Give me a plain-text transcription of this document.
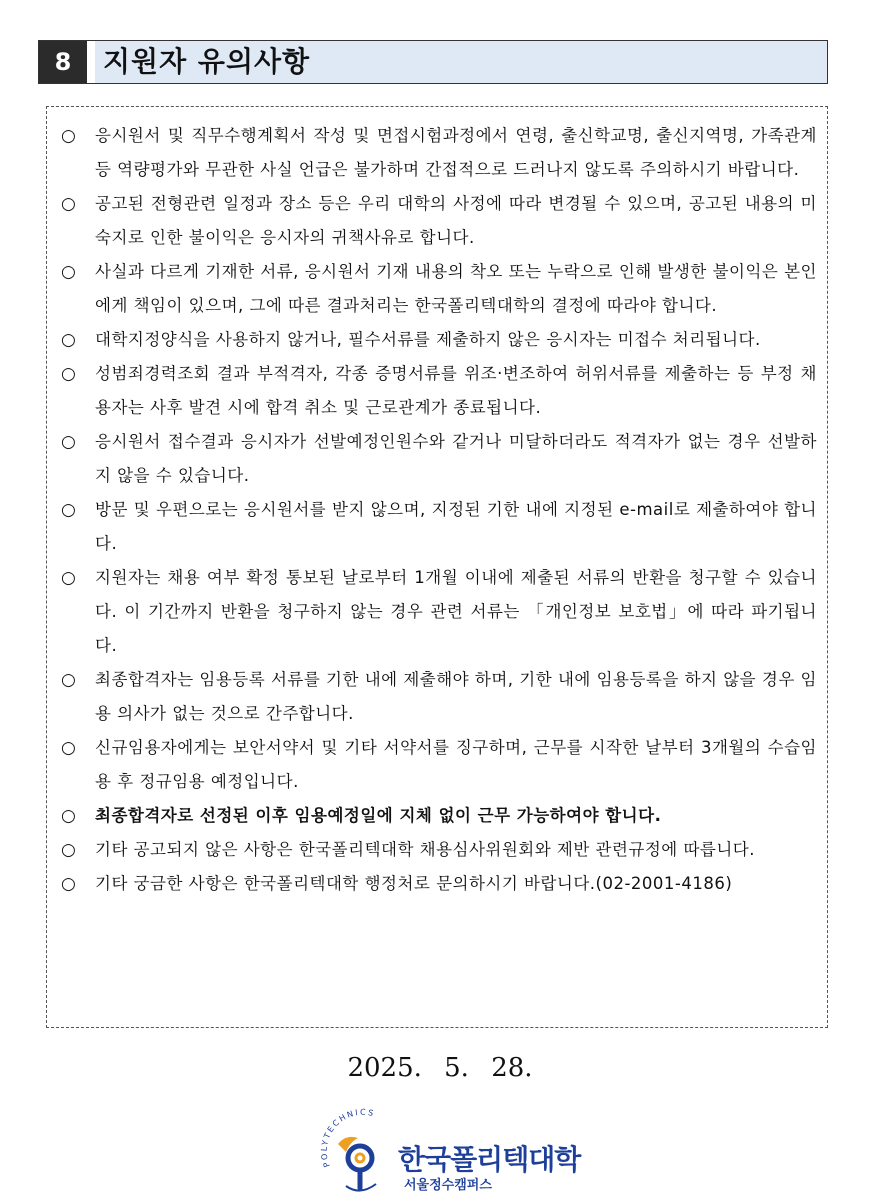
8	지원자 유의사항
○ 응시원서 및 직무수행계획서 작성 및 면접시험과정에서 연령, 출신학교명, 출신지역명, 가족관계 등 역량평가와 무관한 사실 언급은 불가하며 간접적으로 드러나지 않도록 주의하시기 바랍니다.
○ 공고된 전형관련 일정과 장소 등은 우리 대학의 사정에 따라 변경될 수 있으며, 공고된 내용의 미숙지로 인한 불이익은 응시자의 귀책사유로 합니다.
○ 사실과 다르게 기재한 서류, 응시원서 기재 내용의 착오 또는 누락으로 인해 발생한 불이익은 본인에게 책임이 있으며, 그에 따른 결과처리는 한국폴리텍대학의 결정에 따라야 합니다.
○ 대학지정양식을 사용하지 않거나, 필수서류를 제출하지 않은 응시자는 미접수 처리됩니다.
○ 성범죄경력조회 결과 부적격자, 각종 증명서류를 위조·변조하여 허위서류를 제출하는 등 부정 채용자는 사후 발견 시에 합격 취소 및 근로관계가 종료됩니다.
○ 응시원서 접수결과 응시자가 선발예정인원수와 같거나 미달하더라도 적격자가 없는 경우 선발하지 않을 수 있습니다.
○ 방문 및 우편으로는 응시원서를 받지 않으며, 지정된 기한 내에 지정된 e-mail로 제출하여야 합니다.
○ 지원자는 채용 여부 확정 통보된 날로부터 1개월 이내에 제출된 서류의 반환을 청구할 수 있습니다. 이 기간까지 반환을 청구하지 않는 경우 관련 서류는 「개인정보 보호법」에 따라 파기됩니다.
○ 최종합격자는 임용등록 서류를 기한 내에 제출해야 하며, 기한 내에 임용등록을 하지 않을 경우 임용 의사가 없는 것으로 간주합니다.
○ 신규임용자에게는 보안서약서 및 기타 서약서를 징구하며, 근무를 시작한 날부터 3개월의 수습임용 후 정규임용 예정입니다.
○ 최종합격자로 선정된 이후 임용예정일에 지체 없이 근무 가능하여야 합니다.
○ 기타 공고되지 않은 사항은 한국폴리텍대학 채용심사위원회와 제반 관련규정에 따릅니다.
○ 기타 궁금한 사항은 한국폴리텍대학 행정처로 문의하시기 바랍니다.(02-2001-4186)
2025. 5. 28.
POLYTECHNICS
한국폴리텍대학
서울정수캠퍼스
